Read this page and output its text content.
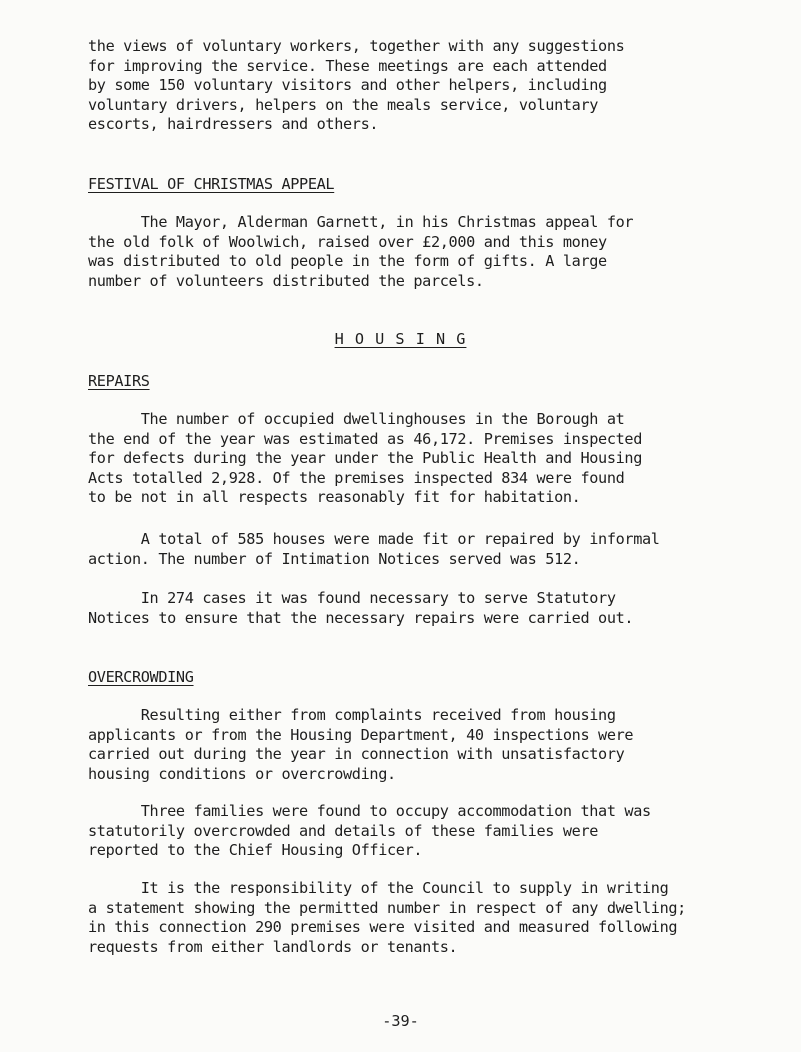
the views of voluntary workers, together with any suggestions
for improving the service. These meetings are each attended
by some 150 voluntary visitors and other helpers, including
voluntary drivers, helpers on the meals service, voluntary
escorts, hairdressers and others.
FESTIVAL OF CHRISTMAS APPEAL
The Mayor, Alderman Garnett, in his Christmas appeal for
the old folk of Woolwich, raised over £2,000 and this money
was distributed to old people in the form of gifts. A large
number of volunteers distributed the parcels.
H O U S I N G
REPAIRS
The number of occupied dwellinghouses in the Borough at
the end of the year was estimated as 46,172. Premises inspected
for defects during the year under the Public Health and Housing
Acts totalled 2,928. Of the premises inspected 834 were found
to be not in all respects reasonably fit for habitation.
A total of 585 houses were made fit or repaired by informal
action. The number of Intimation Notices served was 512.
In 274 cases it was found necessary to serve Statutory
Notices to ensure that the necessary repairs were carried out.
OVERCROWDING
Resulting either from complaints received from housing
applicants or from the Housing Department, 40 inspections were
carried out during the year in connection with unsatisfactory
housing conditions or overcrowding.
Three families were found to occupy accommodation that was
statutorily overcrowded and details of these families were
reported to the Chief Housing Officer.
It is the responsibility of the Council to supply in writing
a statement showing the permitted number in respect of any dwelling;
in this connection 290 premises were visited and measured following
requests from either landlords or tenants.
-39-
